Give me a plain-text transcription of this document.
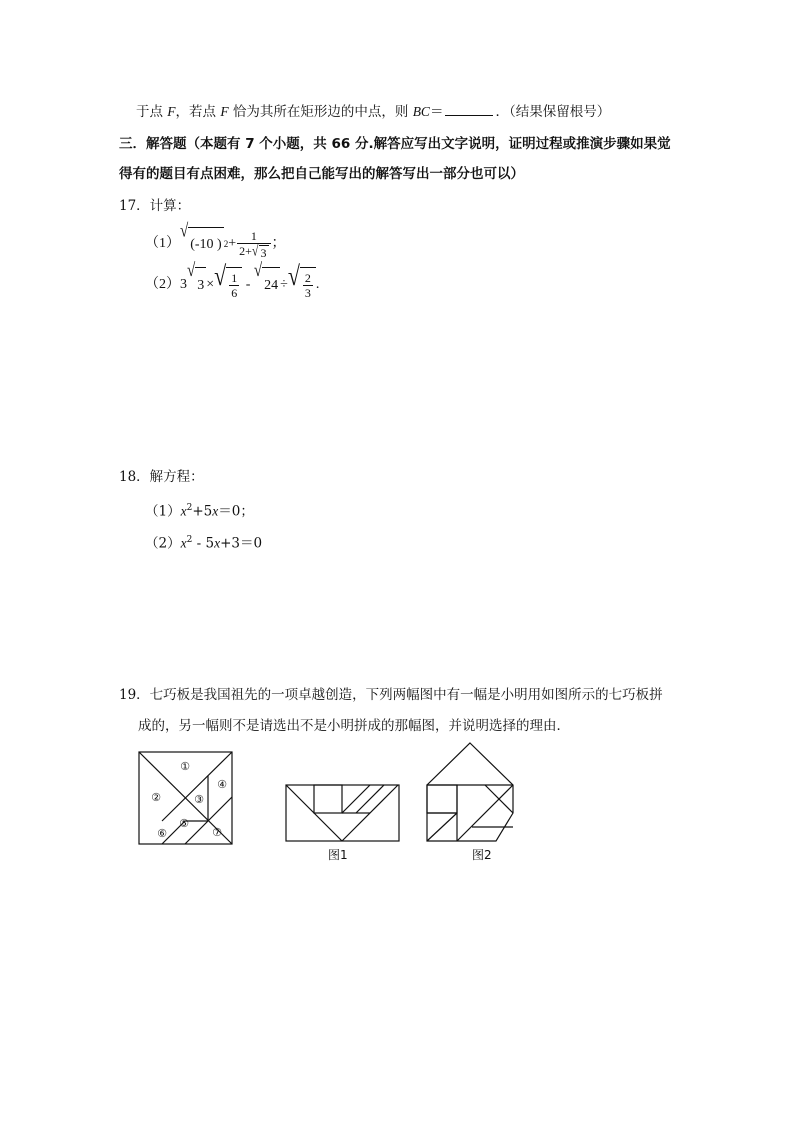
于点 F，若点 F 恰为其所在矩形边的中点，则 BC＝	．（结果保留根号）
三．解答题（本题有 7 个小题，共 66 分.解答应写出文字说明，证明过程或推演步骤如果觉
得有的题目有点困难，那么把自己能写出的解答写出一部分也可以）
17．计算：
（1）
√
(-10 ) $2 + \frac{1}{2+ √ 3}$ ；
（2） 3
√
3 × √ $\frac{1}{6}$ -
√
24 ÷ √ $\frac{2}{3}$ .
18．解方程：
$(1)x^2+5x=0$；
$(2)x^2 - 5x+3=0$
19．七巧板是我国祖先的一项卓越创造，下列两幅图中有一幅是小明用如图所示的七巧板拼
成的，另一幅则不是请选出不是小明拼成的那幅图，并说明选择的理由．
①
②	③
④
⑤
⑥	⑦
图1	图2
